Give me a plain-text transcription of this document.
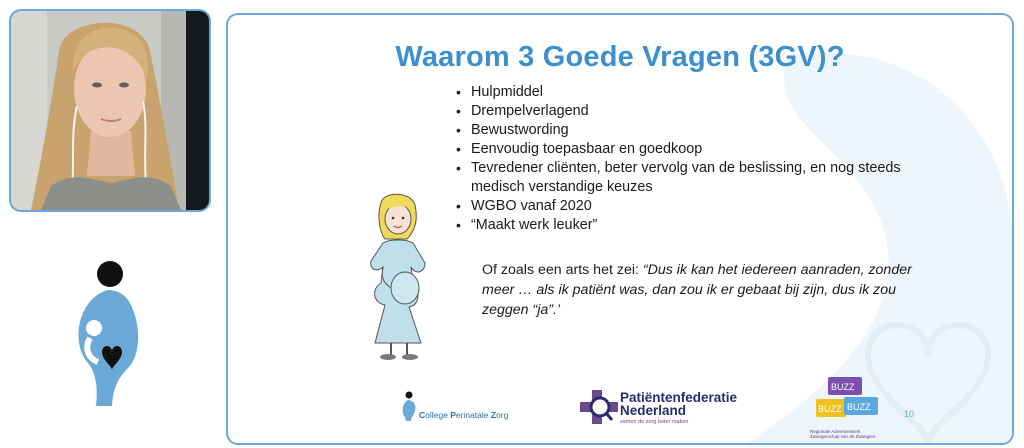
Waarom 3 Goede Vragen (3GV)?
• Hulpmiddel
• Drempelverlagend
• Bewustwording
• Eenvoudig toepasbaar en goedkoop
• Tevredener cliënten, beter vervolg van de beslissing, en nog steeds medisch verstandige keuzes
• WGBO vanaf 2020
• “Maakt werk leuker”
Of zoals een arts het zei: “Dus ik kan het iedereen aanraden, zonder meer … als ik patiënt was, dan zou ik er gebaat bij zijn, dus ik zou zeggen “ja”.’
College Perinatale Zorg
Patiëntenfederatie
Nederland
samen de zorg beter maken
BUZZ
BUZZ BUZZ
Regionale Adviesnetwerk Zwangerschap van de Zwangere
10
